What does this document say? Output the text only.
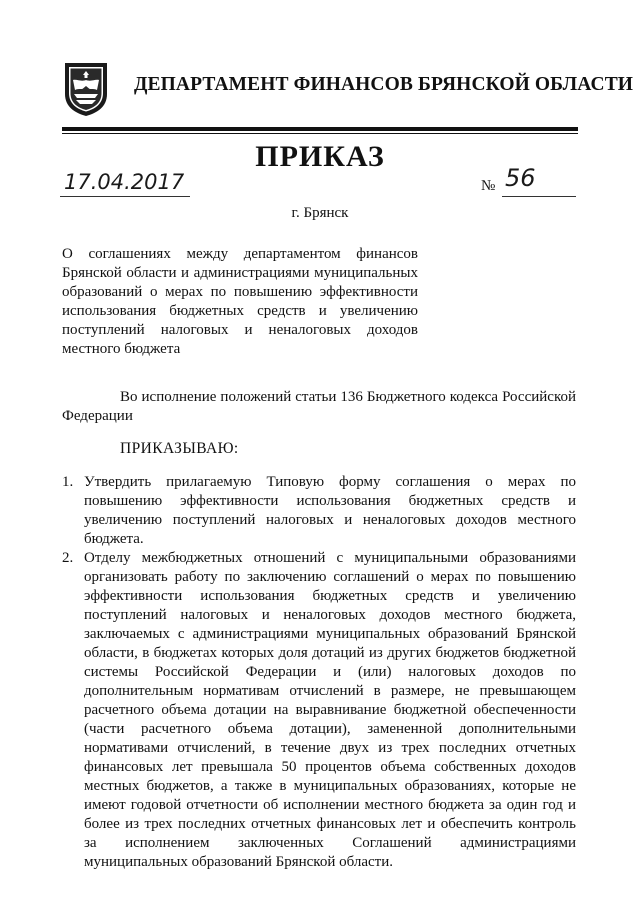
ДЕПАРТАМЕНТ ФИНАНСОВ БРЯНСКОЙ ОБЛАСТИ
ПРИКАЗ
17.04.2017	№ 56
г. Брянск
О соглашениях между департаментом финансов Брянской области и администрациями муниципальных образований о мерах по повышению эффективности использования бюджетных средств и увеличению поступлений налоговых и неналоговых доходов местного бюджета
Во исполнение положений статьи 136 Бюджетного кодекса Российской Федерации
ПРИКАЗЫВАЮ:
1. Утвердить прилагаемую Типовую форму соглашения о мерах по повышению эффективности использования бюджетных средств и увеличению поступлений налоговых и неналоговых доходов местного бюджета.
2. Отделу межбюджетных отношений с муниципальными образованиями организовать работу по заключению соглашений о мерах по повышению эффективности использования бюджетных средств и увеличению поступлений налоговых и неналоговых доходов местного бюджета, заключаемых с администрациями муниципальных образований Брянской области, в бюджетах которых доля дотаций из других бюджетов бюджетной системы Российской Федерации и (или) налоговых доходов по дополнительным нормативам отчислений в размере, не превышающем расчетного объема дотации на выравнивание бюджетной обеспеченности (части расчетного объема дотации), замененной дополнительными нормативами отчислений, в течение двух из трех последних отчетных финансовых лет превышала 50 процентов объема собственных доходов местных бюджетов, а также в муниципальных образованиях, которые не имеют годовой отчетности об исполнении местного бюджета за один год и более из трех последних отчетных финансовых лет и обеспечить контроль за исполнением заключенных Соглашений администрациями муниципальных образований Брянской области.
